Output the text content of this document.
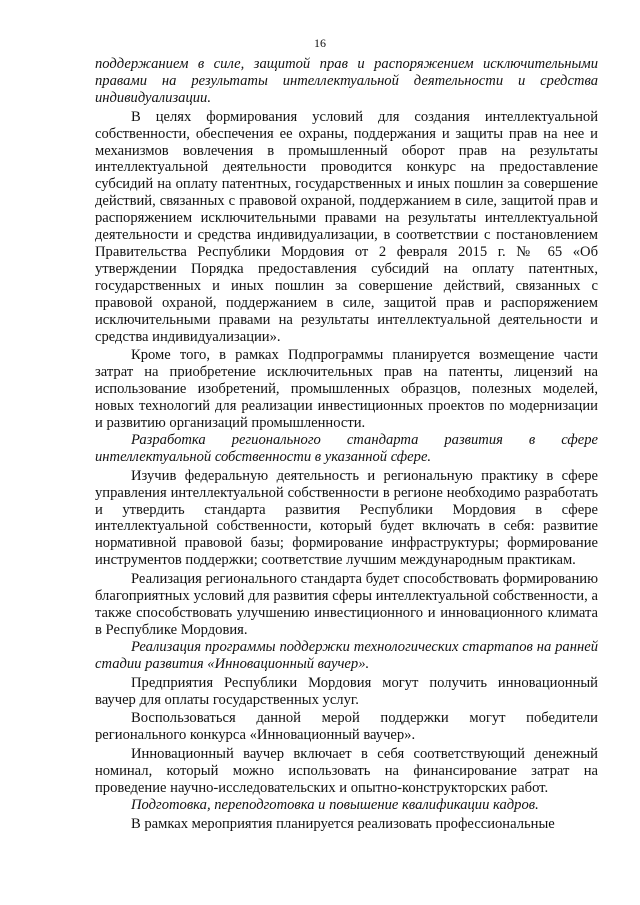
16

поддержанием в силе, защитой прав и распоряжением исключительными правами на результаты интеллектуальной деятельности и средства индивидуализации.

В целях формирования условий для создания интеллектуальной собственности, обеспечения ее охраны, поддержания и защиты прав на нее и механизмов вовлечения в промышленный оборот прав на результаты интеллектуальной деятельности проводится конкурс на предоставление субсидий на оплату патентных, государственных и иных пошлин за совершение действий, связанных с правовой охраной, поддержанием в силе, защитой прав и распоряжением исключительными правами на результаты интеллектуальной деятельности и средства индивидуализации, в соответствии с постановлением Правительства Республики Мордовия от 2 февраля 2015 г. № 65 «Об утверждении Порядка предоставления субсидий на оплату патентных, государственных и иных пошлин за совершение действий, связанных с правовой охраной, поддержанием в силе, защитой прав и распоряжением исключительными правами на результаты интеллектуальной деятельности и средства индивидуализации».

Кроме того, в рамках Подпрограммы планируется возмещение части затрат на приобретение исключительных прав на патенты, лицензий на использование изобретений, промышленных образцов, полезных моделей, новых технологий для реализации инвестиционных проектов по модернизации и развитию организаций промышленности.

Разработка регионального стандарта развития в сфере интеллектуальной собственности в указанной сфере.

Изучив федеральную деятельность и региональную практику в сфере управления интеллектуальной собственности в регионе необходимо разработать и утвердить стандарта развития Республики Мордовия в сфере интеллектуальной собственности, который будет включать в себя: развитие нормативной правовой базы; формирование инфраструктуры; формирование инструментов поддержки; соответствие лучшим международным практикам.

Реализация регионального стандарта будет способствовать формированию благоприятных условий для развития сферы интеллектуальной собственности, а также способствовать улучшению инвестиционного и инновационного климата в Республике Мордовия.

Реализация программы поддержки технологических стартапов на ранней стадии развития «Инновационный ваучер».

Предприятия Республики Мордовия могут получить инновационный ваучер для оплаты государственных услуг.

Воспользоваться данной мерой поддержки могут победители регионального конкурса «Инновационный ваучер».

Инновационный ваучер включает в себя соответствующий денежный номинал, который можно использовать на финансирование затрат на проведение научно-исследовательских и опытно-конструкторских работ.

Подготовка, переподготовка и повышение квалификации кадров.

В рамках мероприятия планируется реализовать профессиональные
